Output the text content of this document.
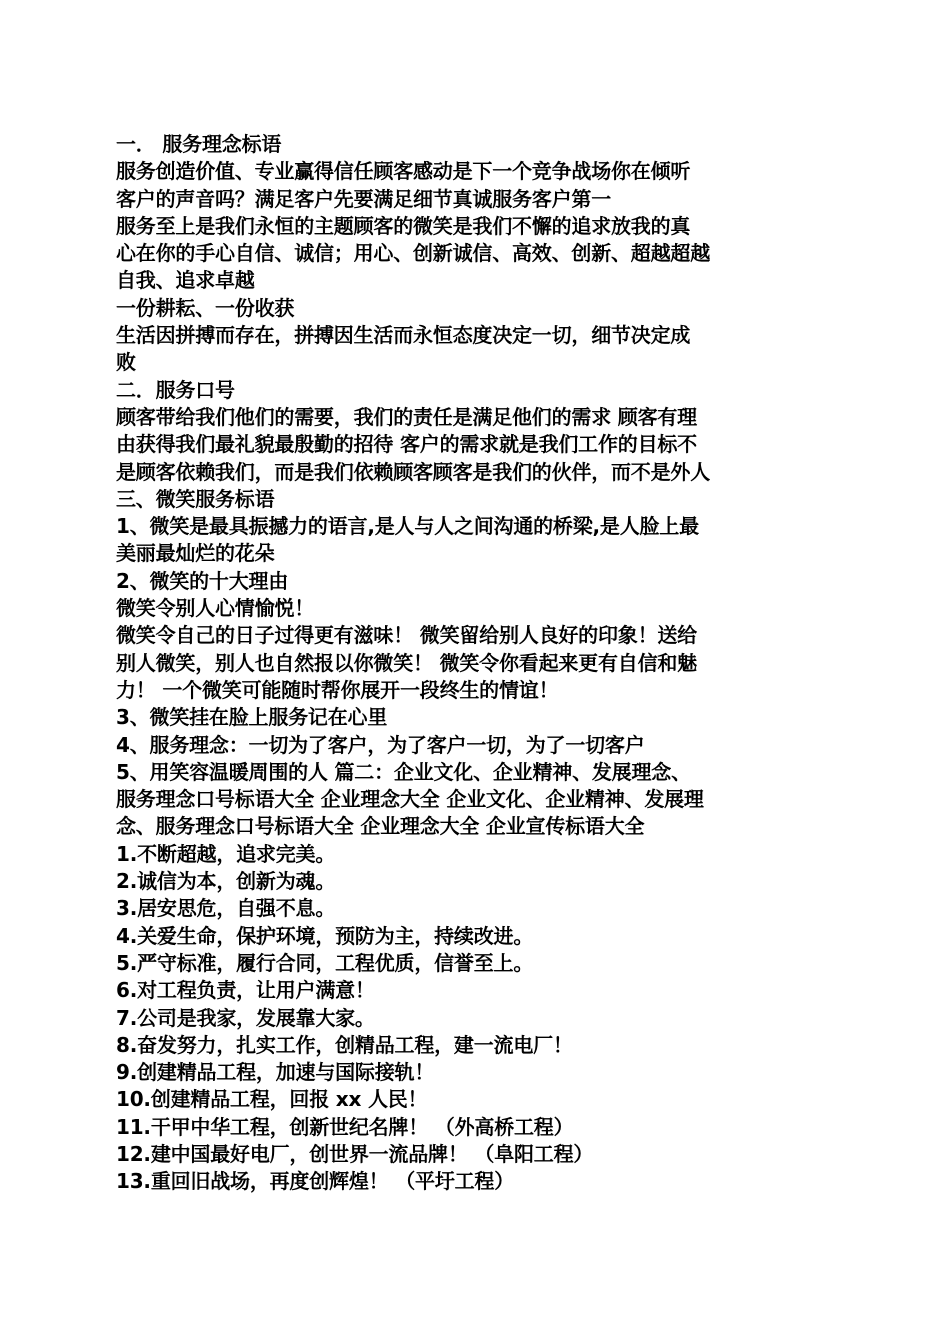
一． 服务理念标语
服务创造价值、专业赢得信任顾客感动是下一个竞争战场你在倾听
客户的声音吗？满足客户先要满足细节真诚服务客户第一
服务至上是我们永恒的主题顾客的微笑是我们不懈的追求放我的真
心在你的手心自信、诚信；用心、创新诚信、高效、创新、超越超越
自我、追求卓越
一份耕耘、一份收获
生活因拼搏而存在，拼搏因生活而永恒态度决定一切，细节决定成
败
二．服务口号
顾客带给我们他们的需要，我们的责任是满足他们的需求 顾客有理
由获得我们最礼貌最殷勤的招待 客户的需求就是我们工作的目标不
是顾客依赖我们，而是我们依赖顾客顾客是我们的伙伴，而不是外人
三、微笑服务标语
1、微笑是最具振撼力的语言,是人与人之间沟通的桥梁,是人脸上最
美丽最灿烂的花朵
2、微笑的十大理由
微笑令别人心情愉悦！
微笑令自己的日子过得更有滋味！ 微笑留给别人良好的印象！送给
别人微笑，别人也自然报以你微笑！ 微笑令你看起来更有自信和魅
力！ 一个微笑可能随时帮你展开一段终生的情谊！
3、微笑挂在脸上服务记在心里
4、服务理念：一切为了客户，为了客户一切，为了一切客户
5、用笑容温暖周围的人 篇二：企业文化、企业精神、发展理念、
服务理念口号标语大全 企业理念大全 企业文化、企业精神、发展理
念、服务理念口号标语大全 企业理念大全 企业宣传标语大全
1.不断超越，追求完美。
2.诚信为本，创新为魂。
3.居安思危，自强不息。
4.关爱生命，保护环境，预防为主，持续改进。
5.严守标准，履行合同，工程优质，信誉至上。
6.对工程负责，让用户满意！
7.公司是我家，发展靠大家。
8.奋发努力，扎实工作，创精品工程，建一流电厂！
9.创建精品工程，加速与国际接轨！
10.创建精品工程，回报 xx 人民！
11.干甲中华工程，创新世纪名牌！ （外高桥工程）
12.建中国最好电厂，创世界一流品牌！ （阜阳工程）
13.重回旧战场，再度创辉煌！ （平圩工程）
